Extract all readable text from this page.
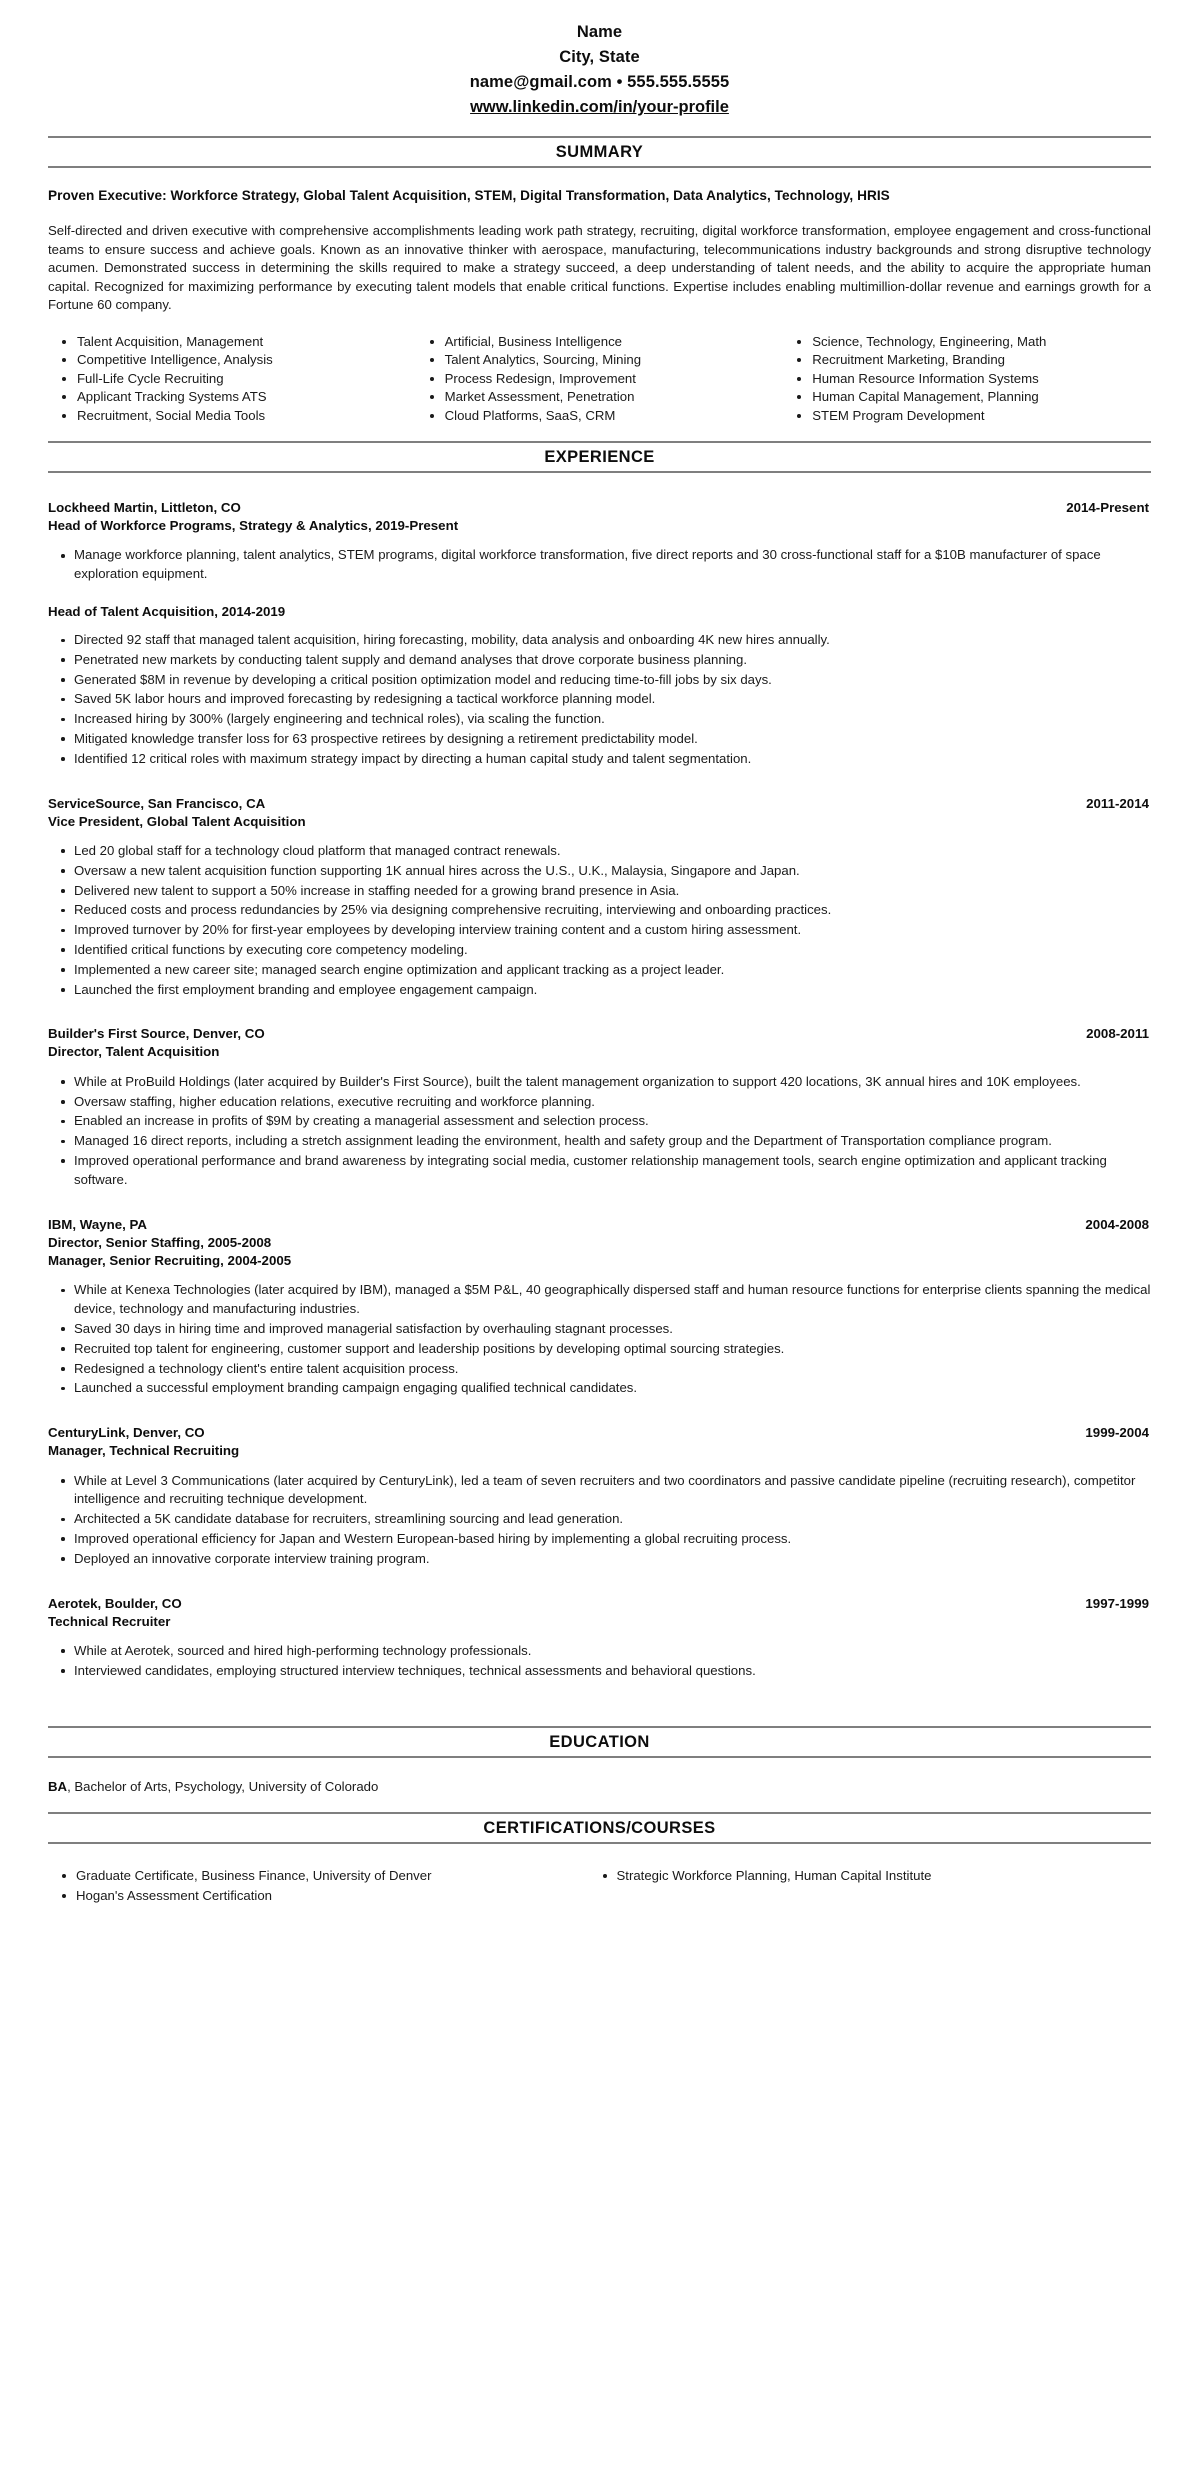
Name
City, State
name@gmail.com • 555.555.5555
www.linkedin.com/in/your-profile
SUMMARY
Proven Executive: Workforce Strategy, Global Talent Acquisition, STEM, Digital Transformation, Data Analytics, Technology, HRIS
Self-directed and driven executive with comprehensive accomplishments leading work path strategy, recruiting, digital workforce transformation, employee engagement and cross-functional teams to ensure success and achieve goals. Known as an innovative thinker with aerospace, manufacturing, telecommunications industry backgrounds and strong disruptive technology acumen. Demonstrated success in determining the skills required to make a strategy succeed, a deep understanding of talent needs, and the ability to acquire the appropriate human capital. Recognized for maximizing performance by executing talent models that enable critical functions. Expertise includes enabling multimillion-dollar revenue and earnings growth for a Fortune 60 company.
Talent Acquisition, Management
Competitive Intelligence, Analysis
Full-Life Cycle Recruiting
Applicant Tracking Systems ATS
Recruitment, Social Media Tools
Artificial, Business Intelligence
Talent Analytics, Sourcing, Mining
Process Redesign, Improvement
Market Assessment, Penetration
Cloud Platforms, SaaS, CRM
Science, Technology, Engineering, Math
Recruitment Marketing, Branding
Human Resource Information Systems
Human Capital Management, Planning
STEM Program Development
EXPERIENCE
Lockheed Martin, Littleton, CO	2014-Present
Head of Workforce Programs, Strategy & Analytics, 2019-Present
Manage workforce planning, talent analytics, STEM programs, digital workforce transformation, five direct reports and 30 cross-functional staff for a $10B manufacturer of space exploration equipment.
Head of Talent Acquisition, 2014-2019
Directed 92 staff that managed talent acquisition, hiring forecasting, mobility, data analysis and onboarding 4K new hires annually.
Penetrated new markets by conducting talent supply and demand analyses that drove corporate business planning.
Generated $8M in revenue by developing a critical position optimization model and reducing time-to-fill jobs by six days.
Saved 5K labor hours and improved forecasting by redesigning a tactical workforce planning model.
Increased hiring by 300% (largely engineering and technical roles), via scaling the function.
Mitigated knowledge transfer loss for 63 prospective retirees by designing a retirement predictability model.
Identified 12 critical roles with maximum strategy impact by directing a human capital study and talent segmentation.
ServiceSource, San Francisco, CA	2011-2014
Vice President, Global Talent Acquisition
Led 20 global staff for a technology cloud platform that managed contract renewals.
Oversaw a new talent acquisition function supporting 1K annual hires across the U.S., U.K., Malaysia, Singapore and Japan.
Delivered new talent to support a 50% increase in staffing needed for a growing brand presence in Asia.
Reduced costs and process redundancies by 25% via designing comprehensive recruiting, interviewing and onboarding practices.
Improved turnover by 20% for first-year employees by developing interview training content and a custom hiring assessment.
Identified critical functions by executing core competency modeling.
Implemented a new career site; managed search engine optimization and applicant tracking as a project leader.
Launched the first employment branding and employee engagement campaign.
Builder's First Source, Denver, CO	2008-2011
Director, Talent Acquisition
While at ProBuild Holdings (later acquired by Builder's First Source), built the talent management organization to support 420 locations, 3K annual hires and 10K employees.
Oversaw staffing, higher education relations, executive recruiting and workforce planning.
Enabled an increase in profits of $9M by creating a managerial assessment and selection process.
Managed 16 direct reports, including a stretch assignment leading the environment, health and safety group and the Department of Transportation compliance program.
Improved operational performance and brand awareness by integrating social media, customer relationship management tools, search engine optimization and applicant tracking software.
IBM, Wayne, PA	2004-2008
Director, Senior Staffing, 2005-2008
Manager, Senior Recruiting, 2004-2005
While at Kenexa Technologies (later acquired by IBM), managed a $5M P&L, 40 geographically dispersed staff and human resource functions for enterprise clients spanning the medical device, technology and manufacturing industries.
Saved 30 days in hiring time and improved managerial satisfaction by overhauling stagnant processes.
Recruited top talent for engineering, customer support and leadership positions by developing optimal sourcing strategies.
Redesigned a technology client's entire talent acquisition process.
Launched a successful employment branding campaign engaging qualified technical candidates.
CenturyLink, Denver, CO	1999-2004
Manager, Technical Recruiting
While at Level 3 Communications (later acquired by CenturyLink), led a team of seven recruiters and two coordinators and passive candidate pipeline (recruiting research), competitor intelligence and recruiting technique development.
Architected a 5K candidate database for recruiters, streamlining sourcing and lead generation.
Improved operational efficiency for Japan and Western European-based hiring by implementing a global recruiting process.
Deployed an innovative corporate interview training program.
Aerotek, Boulder, CO	1997-1999
Technical Recruiter
While at Aerotek, sourced and hired high-performing technology professionals.
Interviewed candidates, employing structured interview techniques, technical assessments and behavioral questions.
EDUCATION
BA, Bachelor of Arts, Psychology, University of Colorado
CERTIFICATIONS/COURSES
Graduate Certificate, Business Finance, University of Denver
Hogan's Assessment Certification
Strategic Workforce Planning, Human Capital Institute
